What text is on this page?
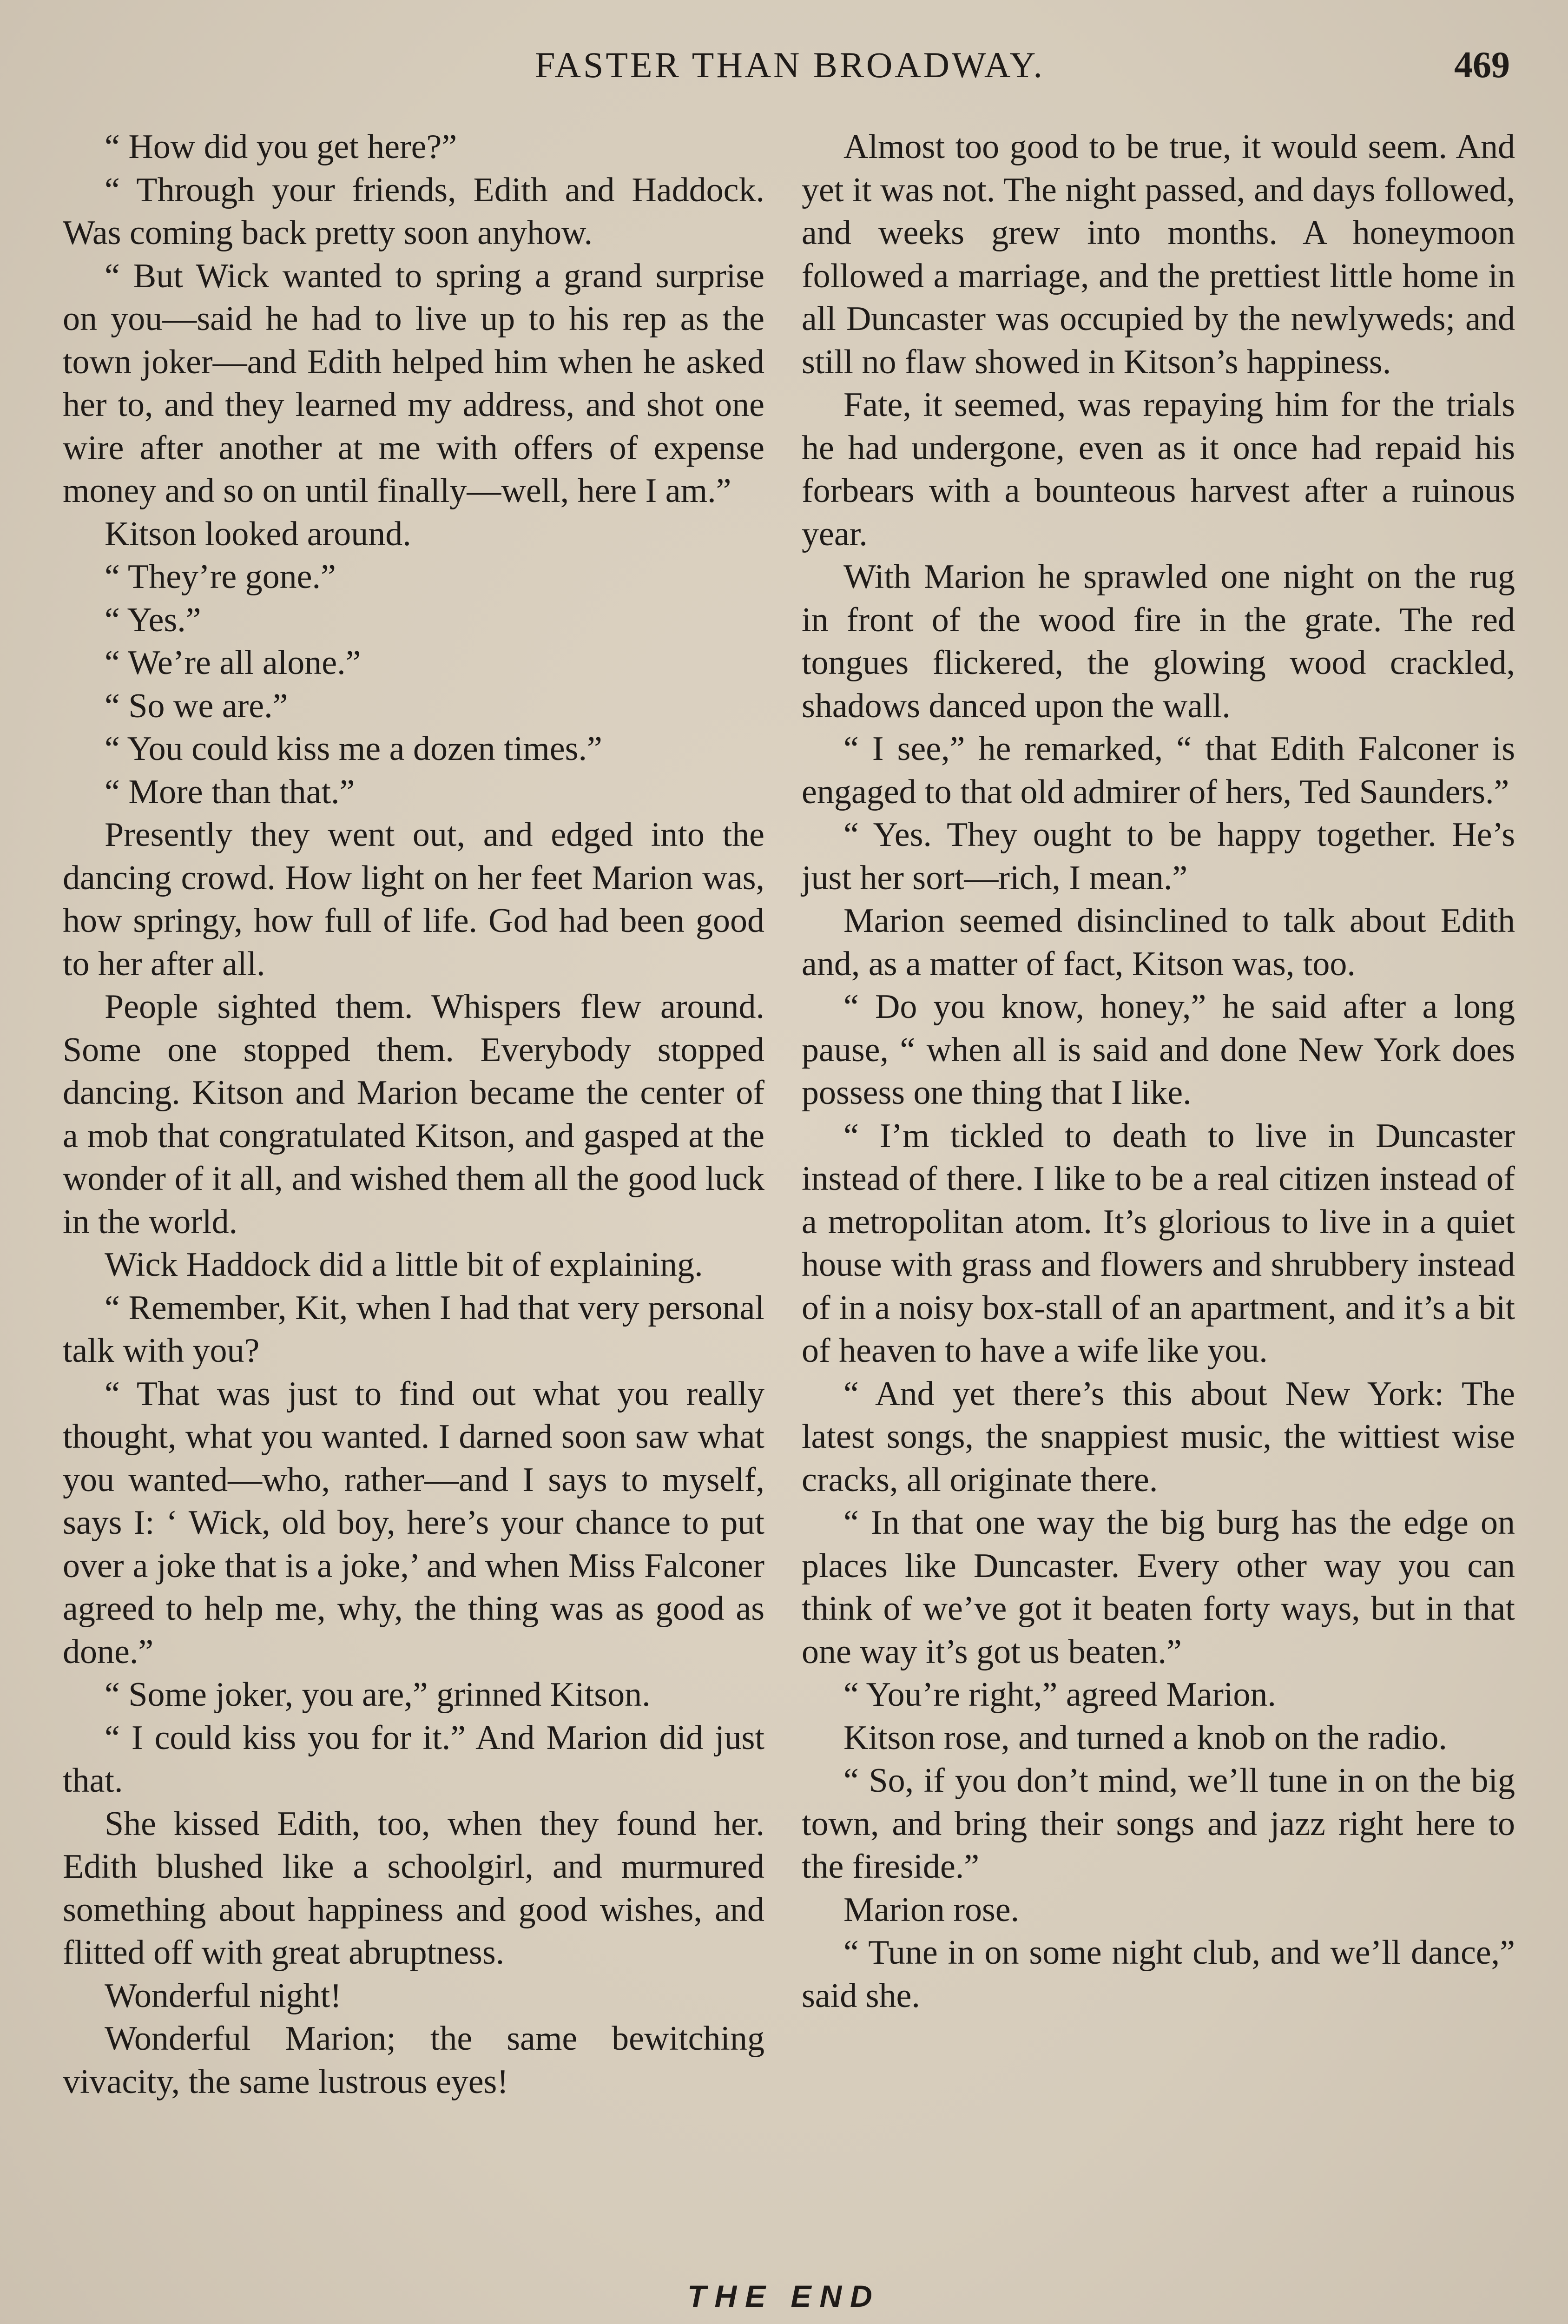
FASTER THAN BROADWAY.	469

“ How did you get here?”

“ Through your friends, Edith and Haddock. Was coming back pretty soon anyhow.

“ But Wick wanted to spring a grand surprise on you—said he had to live up to his rep as the town joker—and Edith helped him when he asked her to, and they learned my address, and shot one wire after another at me with offers of expense money and so on until finally—well, here I am.”

Kitson looked around.

“ They’re gone.”

“ Yes.”

“ We’re all alone.”

“ So we are.”

“ You could kiss me a dozen times.”

“ More than that.”

Presently they went out, and edged into the dancing crowd. How light on her feet Marion was, how springy, how full of life. God had been good to her after all.

People sighted them. Whispers flew around. Some one stopped them. Everybody stopped dancing. Kitson and Marion became the center of a mob that congratulated Kitson, and gasped at the wonder of it all, and wished them all the good luck in the world.

Wick Haddock did a little bit of explaining.

“ Remember, Kit, when I had that very personal talk with you?

“ That was just to find out what you really thought, what you wanted. I darned soon saw what you wanted—who, rather—and I says to myself, says I: ‘ Wick, old boy, here’s your chance to put over a joke that is a joke,’ and when Miss Falconer agreed to help me, why, the thing was as good as done.”

“ Some joker, you are,” grinned Kitson.

“ I could kiss you for it.” And Marion did just that.

She kissed Edith, too, when they found her. Edith blushed like a schoolgirl, and murmured something about happiness and good wishes, and flitted off with great abruptness.

Wonderful night!

Wonderful Marion; the same bewitching vivacity, the same lustrous eyes!

Almost too good to be true, it would seem. And yet it was not. The night passed, and days followed, and weeks grew into months. A honeymoon followed a marriage, and the prettiest little home in all Duncaster was occupied by the newlyweds; and still no flaw showed in Kitson’s happiness.

Fate, it seemed, was repaying him for the trials he had undergone, even as it once had repaid his forbears with a bounteous harvest after a ruinous year.

With Marion he sprawled one night on the rug in front of the wood fire in the grate. The red tongues flickered, the glowing wood crackled, shadows danced upon the wall.

“ I see,” he remarked, “ that Edith Falconer is engaged to that old admirer of hers, Ted Saunders.”

“ Yes. They ought to be happy together. He’s just her sort—rich, I mean.”

Marion seemed disinclined to talk about Edith and, as a matter of fact, Kitson was, too.

“ Do you know, honey,” he said after a long pause, “ when all is said and done New York does possess one thing that I like.

“ I’m tickled to death to live in Duncaster instead of there. I like to be a real citizen instead of a metropolitan atom. It’s glorious to live in a quiet house with grass and flowers and shrubbery instead of in a noisy box-stall of an apartment, and it’s a bit of heaven to have a wife like you.

“ And yet there’s this about New York: The latest songs, the snappiest music, the wittiest wise cracks, all originate there.

“ In that one way the big burg has the edge on places like Duncaster. Every other way you can think of we’ve got it beaten forty ways, but in that one way it’s got us beaten.”

“ You’re right,” agreed Marion.

Kitson rose, and turned a knob on the radio.

“ So, if you don’t mind, we’ll tune in on the big town, and bring their songs and jazz right here to the fireside.”

Marion rose.

“ Tune in on some night club, and we’ll dance,” said she.

THE END
